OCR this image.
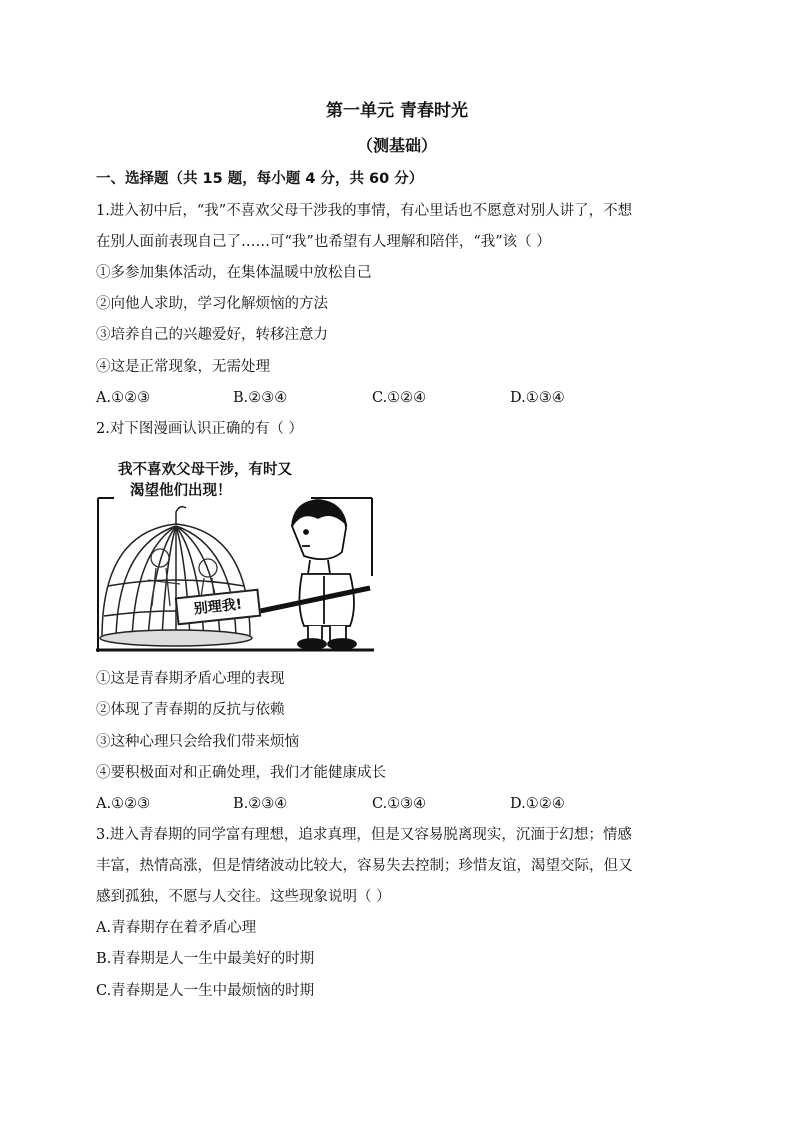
第一单元 青春时光
（测基础）
一、选择题（共 15 题，每小题 4 分，共 60 分）
1.进入初中后，“我”不喜欢父母干涉我的事情，有心里话也不愿意对别人讲了，不想
在别人面前表现自己了……可“我”也希望有人理解和陪伴，“我”该（ ）
①多参加集体活动，在集体温暖中放松自己
②向他人求助，学习化解烦恼的方法
③培养自己的兴趣爱好，转移注意力
④这是正常现象，无需处理
A.①②③	B.②③④	C.①②④	D.①③④
2.对下图漫画认识正确的有（ ）
我不喜欢父母干涉，有时又
渴望他们出现！
别理我!
①这是青春期矛盾心理的表现
②体现了青春期的反抗与依赖
③这种心理只会给我们带来烦恼
④要积极面对和正确处理，我们才能健康成长
A.①②③	B.②③④	C.①③④	D.①②④
3.进入青春期的同学富有理想，追求真理，但是又容易脱离现实，沉湎于幻想；情感
丰富，热情高涨，但是情绪波动比较大，容易失去控制；珍惜友谊，渴望交际，但又
感到孤独，不愿与人交往。这些现象说明（ ）
A.青春期存在着矛盾心理
B.青春期是人一生中最美好的时期
C.青春期是人一生中最烦恼的时期
